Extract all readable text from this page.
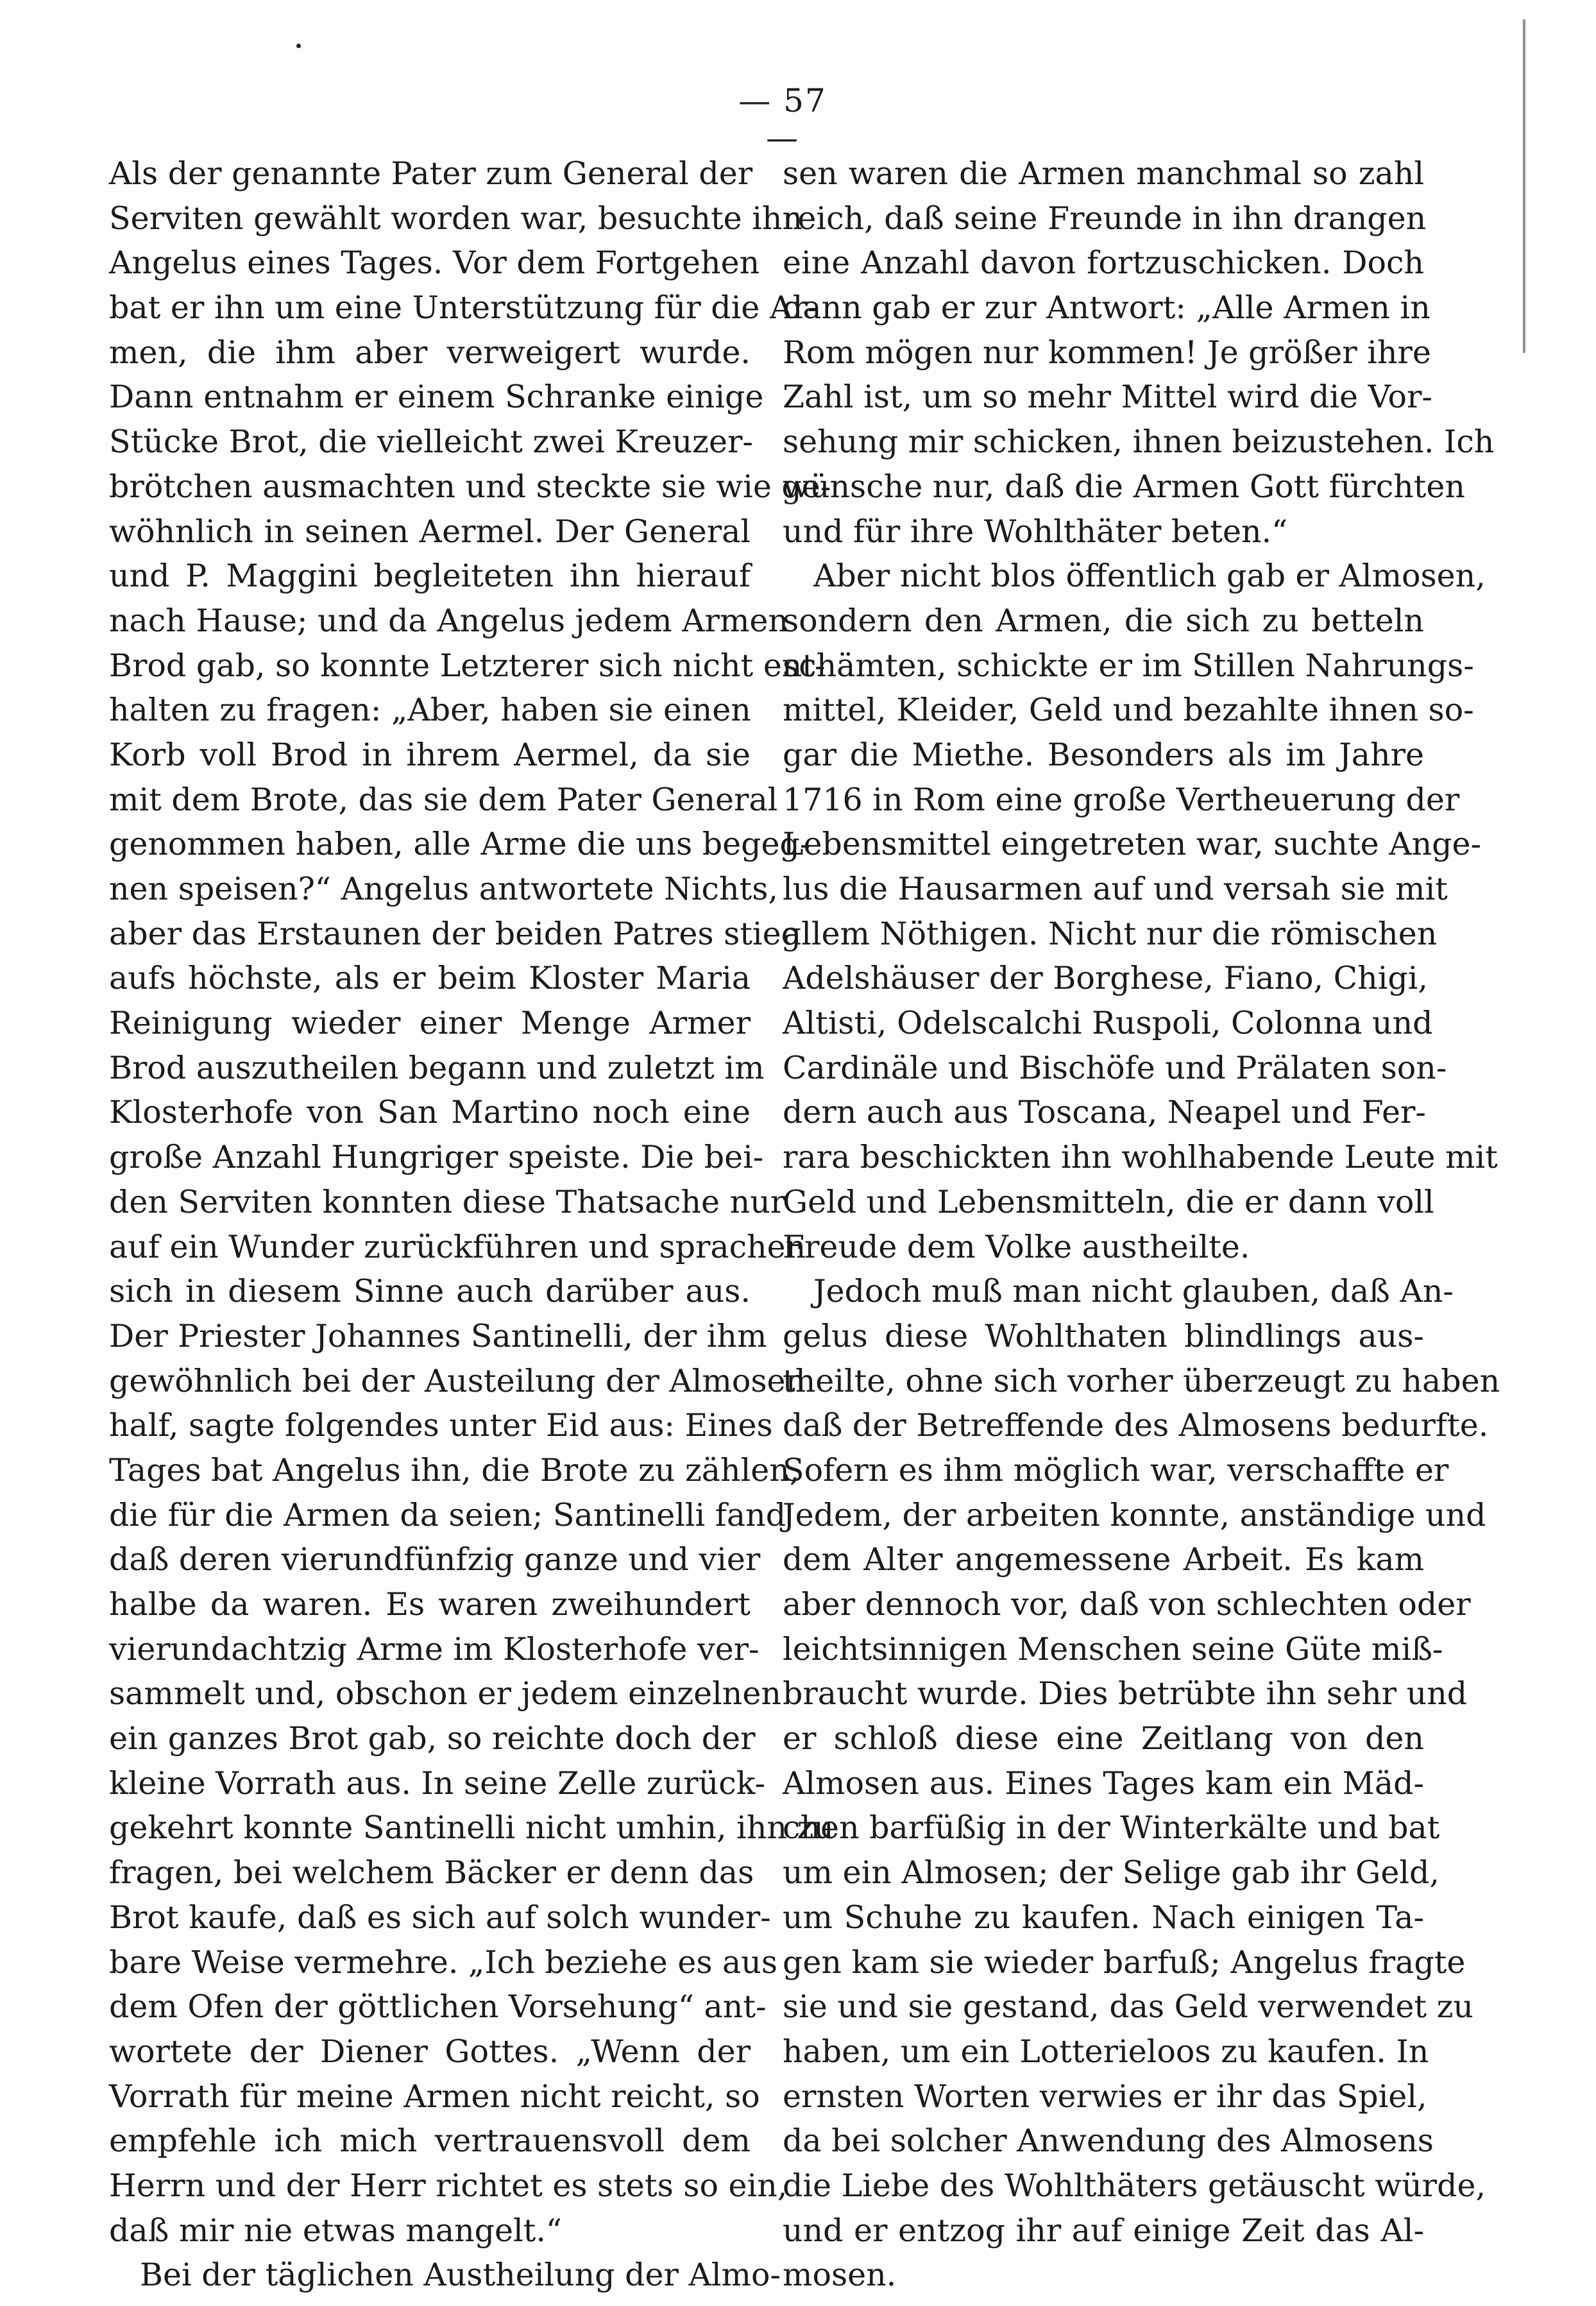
— 57 —
Als der genannte Pater zum General der
Serviten gewählt worden war, besuchte ihn
Angelus eines Tages. Vor dem Fortgehen
bat er ihn um eine Unterstützung für die Ar-
men, die ihm aber verweigert wurde.
Dann entnahm er einem Schranke einige
Stücke Brot, die vielleicht zwei Kreuzer-
brötchen ausmachten und steckte sie wie ge-
wöhnlich in seinen Aermel. Der General
und P. Maggini begleiteten ihn hierauf
nach Hause; und da Angelus jedem Armen
Brod gab, so konnte Letzterer sich nicht ent-
halten zu fragen: „Aber, haben sie einen
Korb voll Brod in ihrem Aermel, da sie
mit dem Brote, das sie dem Pater General
genommen haben, alle Arme die uns begeg-
nen speisen?“ Angelus antwortete Nichts,
aber das Erstaunen der beiden Patres stieg
aufs höchste, als er beim Kloster Maria
Reinigung wieder einer Menge Armer
Brod auszutheilen begann und zuletzt im
Klosterhofe von San Martino noch eine
große Anzahl Hungriger speiste. Die bei-
den Serviten konnten diese Thatsache nur
auf ein Wunder zurückführen und sprachen
sich in diesem Sinne auch darüber aus.
Der Priester Johannes Santinelli, der ihm
gewöhnlich bei der Austeilung der Almosen
half, sagte folgendes unter Eid aus: Eines
Tages bat Angelus ihn, die Brote zu zählen,
die für die Armen da seien; Santinelli fand
daß deren vierundfünfzig ganze und vier
halbe da waren. Es waren zweihundert
vierundachtzig Arme im Klosterhofe ver-
sammelt und, obschon er jedem einzelnen
ein ganzes Brot gab, so reichte doch der
kleine Vorrath aus. In seine Zelle zurück-
gekehrt konnte Santinelli nicht umhin, ihn zu
fragen, bei welchem Bäcker er denn das
Brot kaufe, daß es sich auf solch wunder-
bare Weise vermehre. „Ich beziehe es aus
dem Ofen der göttlichen Vorsehung“ ant-
wortete der Diener Gottes. „Wenn der
Vorrath für meine Armen nicht reicht, so
empfehle ich mich vertrauensvoll dem
Herrn und der Herr richtet es stets so ein,
daß mir nie etwas mangelt.“
Bei der täglichen Austheilung der Almo-
sen waren die Armen manchmal so zahl
reich, daß seine Freunde in ihn drangen
eine Anzahl davon fortzuschicken. Doch
dann gab er zur Antwort: „Alle Armen in
Rom mögen nur kommen! Je größer ihre
Zahl ist, um so mehr Mittel wird die Vor-
sehung mir schicken, ihnen beizustehen. Ich
wünsche nur, daß die Armen Gott fürchten
und für ihre Wohlthäter beten.“
Aber nicht blos öffentlich gab er Almosen,
sondern den Armen, die sich zu betteln
schämten, schickte er im Stillen Nahrungs-
mittel, Kleider, Geld und bezahlte ihnen so-
gar die Miethe. Besonders als im Jahre
1716 in Rom eine große Vertheuerung der
Lebensmittel eingetreten war, suchte Ange-
lus die Hausarmen auf und versah sie mit
allem Nöthigen. Nicht nur die römischen
Adelshäuser der Borghese, Fiano, Chigi,
Altisti, Odelscalchi Ruspoli, Colonna und
Cardinäle und Bischöfe und Prälaten son-
dern auch aus Toscana, Neapel und Fer-
rara beschickten ihn wohlhabende Leute mit
Geld und Lebensmitteln, die er dann voll
Freude dem Volke austheilte.
Jedoch muß man nicht glauben, daß An-
gelus diese Wohlthaten blindlings aus-
theilte, ohne sich vorher überzeugt zu haben
daß der Betreffende des Almosens bedurfte.
Sofern es ihm möglich war, verschaffte er
Jedem, der arbeiten konnte, anständige und
dem Alter angemessene Arbeit. Es kam
aber dennoch vor, daß von schlechten oder
leichtsinnigen Menschen seine Güte miß-
braucht wurde. Dies betrübte ihn sehr und
er schloß diese eine Zeitlang von den
Almosen aus. Eines Tages kam ein Mäd-
chen barfüßig in der Winterkälte und bat
um ein Almosen; der Selige gab ihr Geld,
um Schuhe zu kaufen. Nach einigen Ta-
gen kam sie wieder barfuß; Angelus fragte
sie und sie gestand, das Geld verwendet zu
haben, um ein Lotterieloos zu kaufen. In
ernsten Worten verwies er ihr das Spiel,
da bei solcher Anwendung des Almosens
die Liebe des Wohlthäters getäuscht würde,
und er entzog ihr auf einige Zeit das Al-
mosen.
